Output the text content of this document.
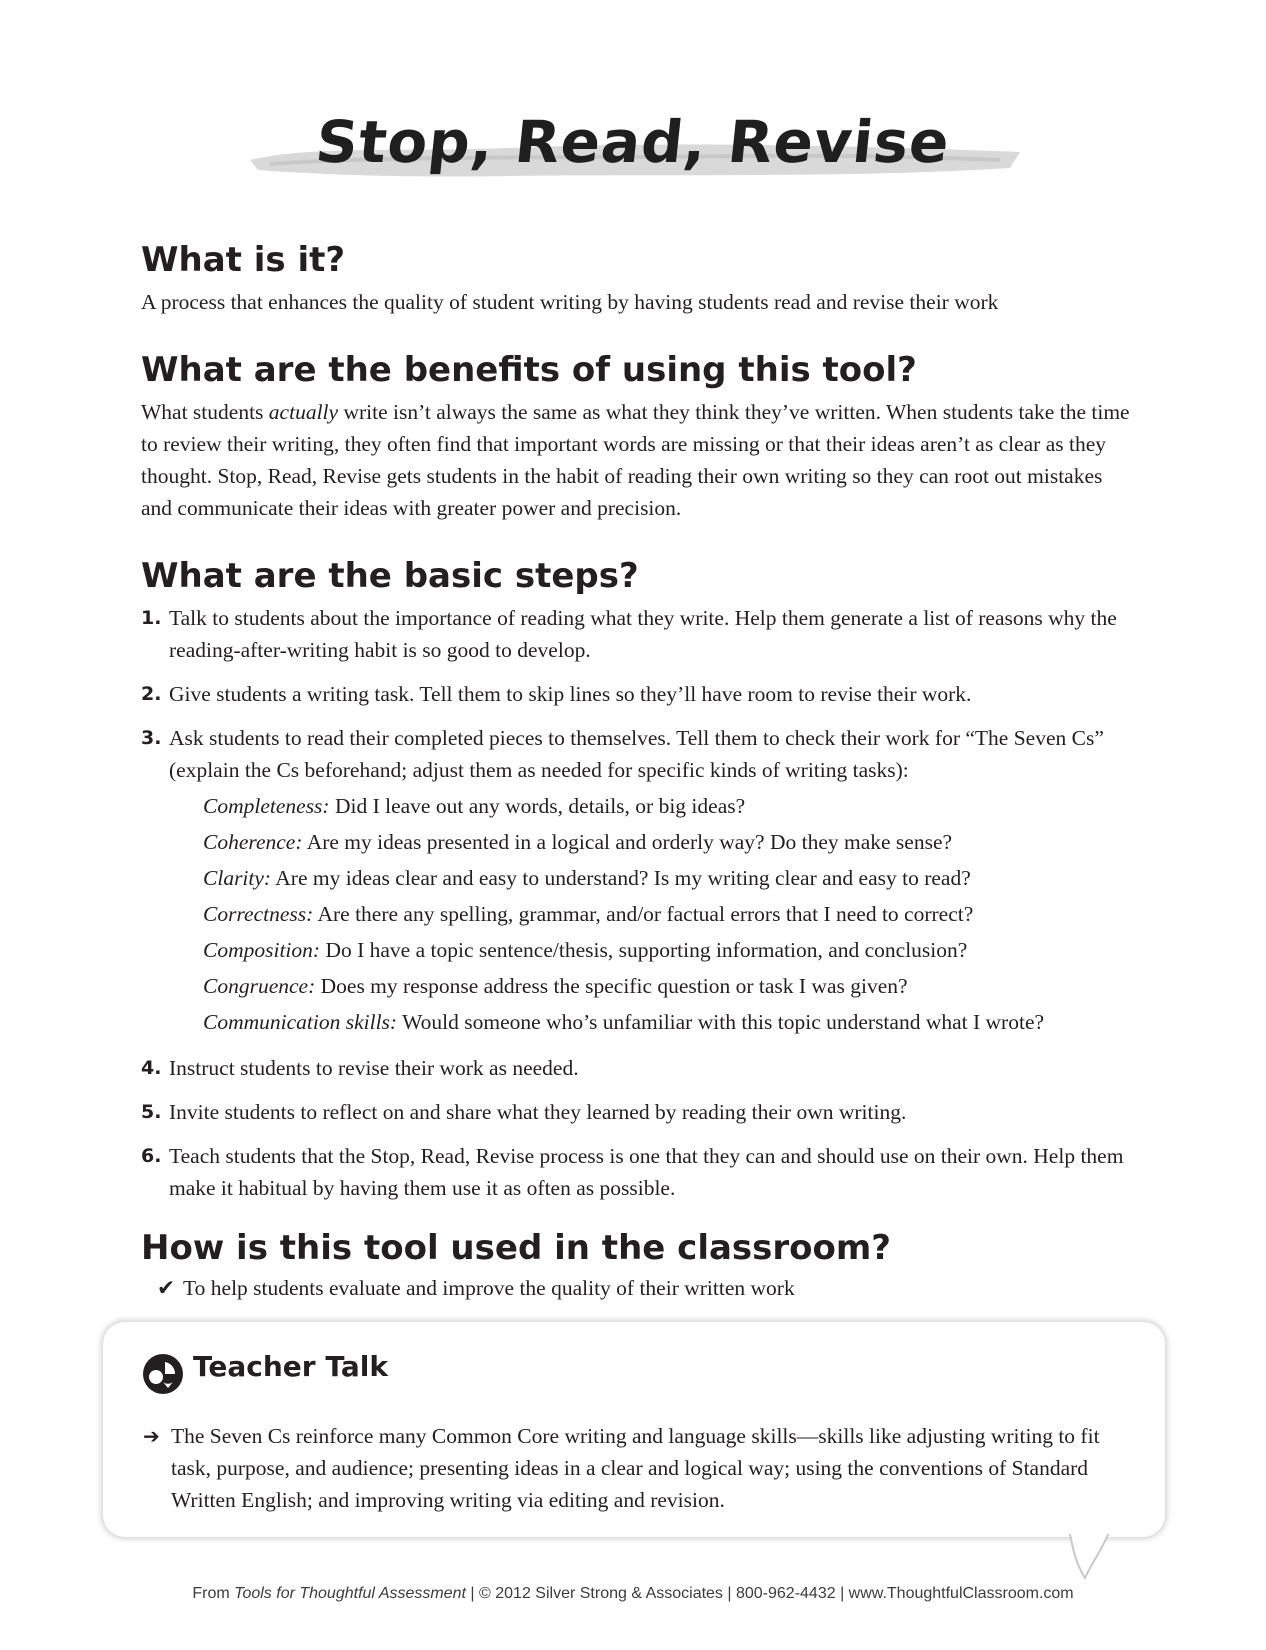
Stop, Read, Revise
What is it?

A process that enhances the quality of student writing by having students read and revise their work

What are the benefits of using this tool?

What students actually write isn’t always the same as what they think they’ve written. When students take the time to review their writing, they often find that important words are missing or that their ideas aren’t as clear as they thought. Stop, Read, Revise gets students in the habit of reading their own writing so they can root out mistakes and communicate their ideas with greater power and precision.

What are the basic steps?
1. Talk to students about the importance of reading what they write. Help them generate a list of reasons why the reading-after-writing habit is so good to develop.
2. Give students a writing task. Tell them to skip lines so they’ll have room to revise their work.
3. Ask students to read their completed pieces to themselves. Tell them to check their work for “The Seven Cs” (explain the Cs beforehand; adjust them as needed for specific kinds of writing tasks):
Completeness: Did I leave out any words, details, or big ideas?
Coherence: Are my ideas presented in a logical and orderly way? Do they make sense?
Clarity: Are my ideas clear and easy to understand? Is my writing clear and easy to read?
Correctness: Are there any spelling, grammar, and/or factual errors that I need to correct?
Composition: Do I have a topic sentence/thesis, supporting information, and conclusion?
Congruence: Does my response address the specific question or task I was given?
Communication skills: Would someone who’s unfamiliar with this topic understand what I wrote?
4. Instruct students to revise their work as needed.
5. Invite students to reflect on and share what they learned by reading their own writing.
6. Teach students that the Stop, Read, Revise process is one that they can and should use on their own. Help them make it habitual by having them use it as often as possible.
How is this tool used in the classroom?
✔ To help students evaluate and improve the quality of their written work
Teacher Talk
➔ The Seven Cs reinforce many Common Core writing and language skills—skills like adjusting writing to fit task, purpose, and audience; presenting ideas in a clear and logical way; using the conventions of Standard Written English; and improving writing via editing and revision.
From Tools for Thoughtful Assessment | © 2012 Silver Strong & Associates | 800-962-4432 | www.ThoughtfulClassroom.com
